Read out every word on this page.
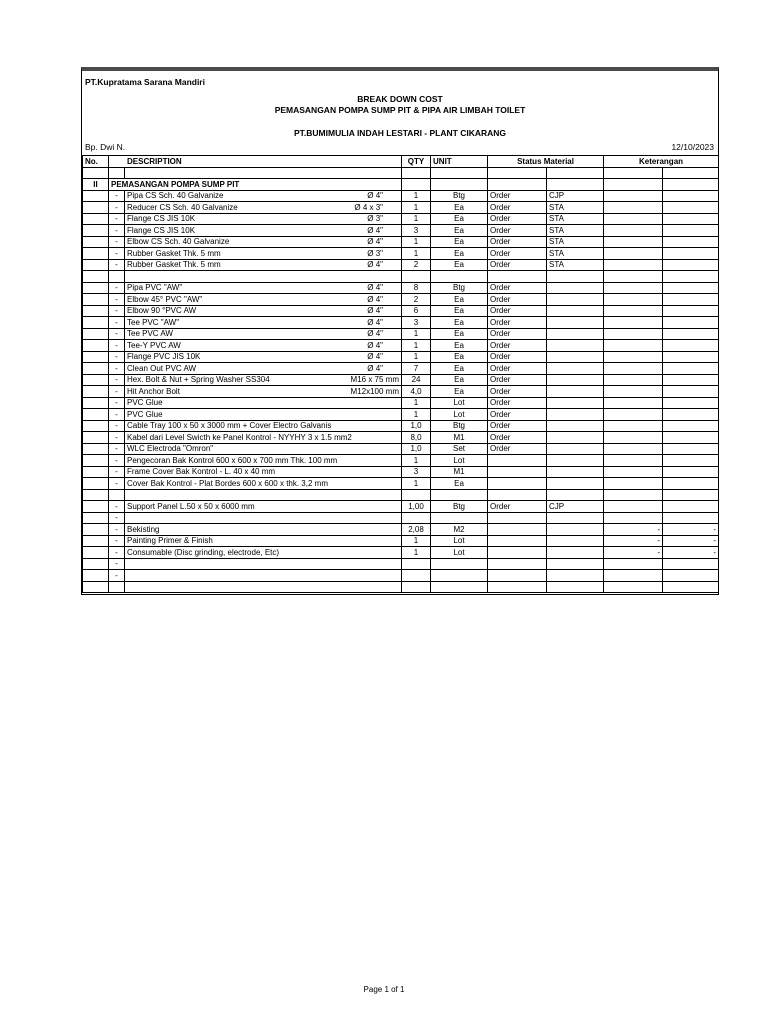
PT.Kupratama Sarana Mandiri
BREAK DOWN COST
PEMASANGAN POMPA SUMP PIT & PIPA AIR LIMBAH TOILET
PT.BUMIMULIA INDAH LESTARI - PLANT CIKARANG
Bp. Dwi N.	12/10/2023
No.	DESCRIPTION		QTY	UNIT	Status Material		Keterangan	

II	PEMASANGAN POMPA SUMP PIT							
	-	Pipa CS Sch. 40 Galvanize Ø 4"	1	Btg	Order	CJP		
	-	Reducer CS Sch. 40 Galvanize Ø 4 x 3"	1	Ea	Order	STA		
	-	Flange CS JIS 10K Ø 3"	1	Ea	Order	STA		
	-	Flange CS JIS 10K Ø 4"	3	Ea	Order	STA		
	-	Elbow CS Sch. 40 Galvanize Ø 4"	1	Ea	Order	STA		
	-	Rubber Gasket Thk. 5 mm Ø 3"	1	Ea	Order	STA		
	-	Rubber Gasket Thk. 5 mm Ø 4"	2	Ea	Order	STA		

	-	Pipa PVC "AW" Ø 4"	8	Btg	Order			
	-	Elbow 45° PVC "AW" Ø 4"	2	Ea	Order			
	-	Elbow 90 °PVC AW Ø 4"	6	Ea	Order			
	-	Tee PVC "AW" Ø 4"	3	Ea	Order			
	-	Tee PVC AW Ø 4"	1	Ea	Order			
	-	Tee-Y PVC AW Ø 4"	1	Ea	Order			
	-	Flange PVC JIS 10K Ø 4"	1	Ea	Order			
	-	Clean Out PVC AW Ø 4"	7	Ea	Order			
	-	Hex. Bolt & Nut + Spring Washer SS304 M16 x 75 mm	24	Ea	Order			
	-	Hit Anchor Bolt M12x100 mm	4,0	Ea	Order			
	-	PVC Glue	1	Lot	Order			
	-	PVC Glue	1	Lot	Order			
	-	Cable Tray 100 x 50 x 3000 mm + Cover Electro Galvanis	1,0	Btg	Order			
	-	Kabel dari Level Swicth ke Panel Kontrol - NYYHY 3 x 1.5 mm2	8,0	M1	Order			
	-	WLC Electroda "Omron"	1,0	Set	Order			
	-	Pengecoran Bak Kontrol 600 x 600 x 700 mm Thk. 100 mm	1	Lot				
	-	Frame Cover Bak Kontrol - L. 40 x 40 mm	3	M1				
	-	Cover Bak Kontrol - Plat Bordes 600 x 600 x thk. 3,2 mm	1	Ea				

	-	Support Panel L.50 x 50 x 6000 mm	1,00	Btg	Order	CJP		
	-	

	-	Bekisting	2,08	M2			-	-
	-	Painting Primer & Finish	1	Lot			-	-
	-	Consumable (Disc grinding, electrode, Etc)	1	Lot			-	-
	-	

	-	

Page 1 of 1
